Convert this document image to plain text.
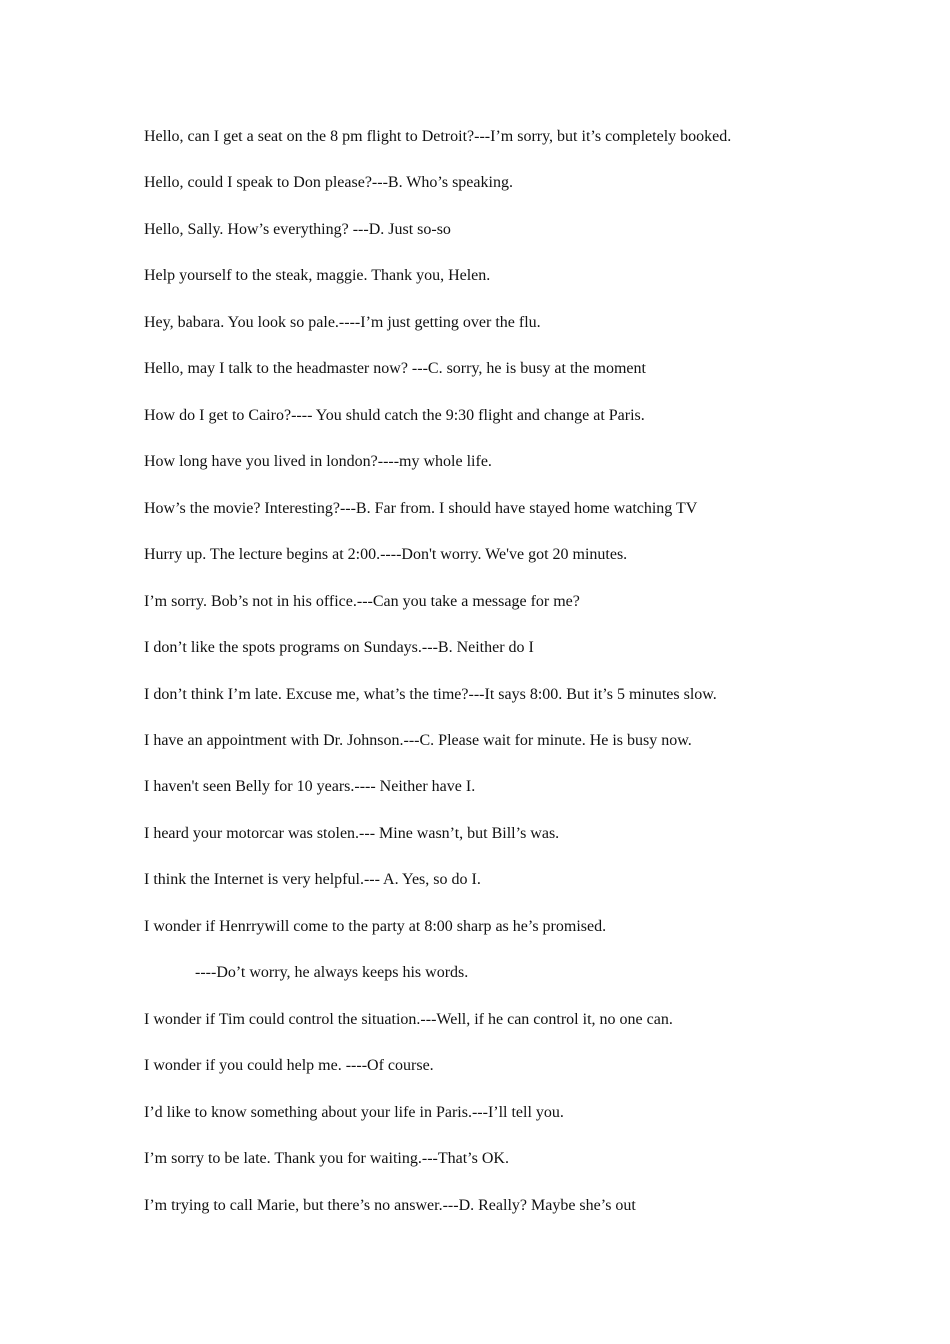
Hello, can I get a seat on the 8 pm flight to Detroit?---I’m sorry, but it’s completely booked.
Hello, could I speak to Don please?---B. Who’s speaking.
Hello, Sally. How’s everything? ---D. Just so-so
Help yourself to the steak, maggie. Thank you, Helen.
Hey, babara. You look so pale.----I’m just getting over the flu.
Hello, may I talk to the headmaster now? ---C. sorry, he is busy at the moment
How do I get to Cairo?---- You shuld catch the 9:30 flight and change at Paris.
How long have you lived in london?----my whole life.
How’s the movie? Interesting?---B. Far from. I should have stayed home watching TV
Hurry up. The lecture begins at 2:00.----Don't worry. We've got 20 minutes.
I’m sorry. Bob’s not in his office.---Can you take a message for me?
I don’t like the spots programs on Sundays.---B. Neither do I
I don’t think I’m late. Excuse me, what’s the time?---It says 8:00. But it’s 5 minutes slow.
I have an appointment with Dr. Johnson.---C. Please wait for minute. He is busy now.
I haven't seen Belly for 10 years.---- Neither have I.
I heard your motorcar was stolen.--- Mine wasn’t, but Bill’s was.
I think the Internet is very helpful.--- A. Yes, so do I.
I wonder if Henrrywill come to the party at 8:00 sharp as he’s promised.
----Do’t worry, he always keeps his words.
I wonder if Tim could control the situation.---Well, if he can control it, no one can.
I wonder if you could help me. ----Of course.
I’d like to know something about your life in Paris.---I’ll tell you.
I’m sorry to be late. Thank you for waiting.---That’s OK.
I’m trying to call Marie, but there’s no answer.---D. Really? Maybe she’s out
